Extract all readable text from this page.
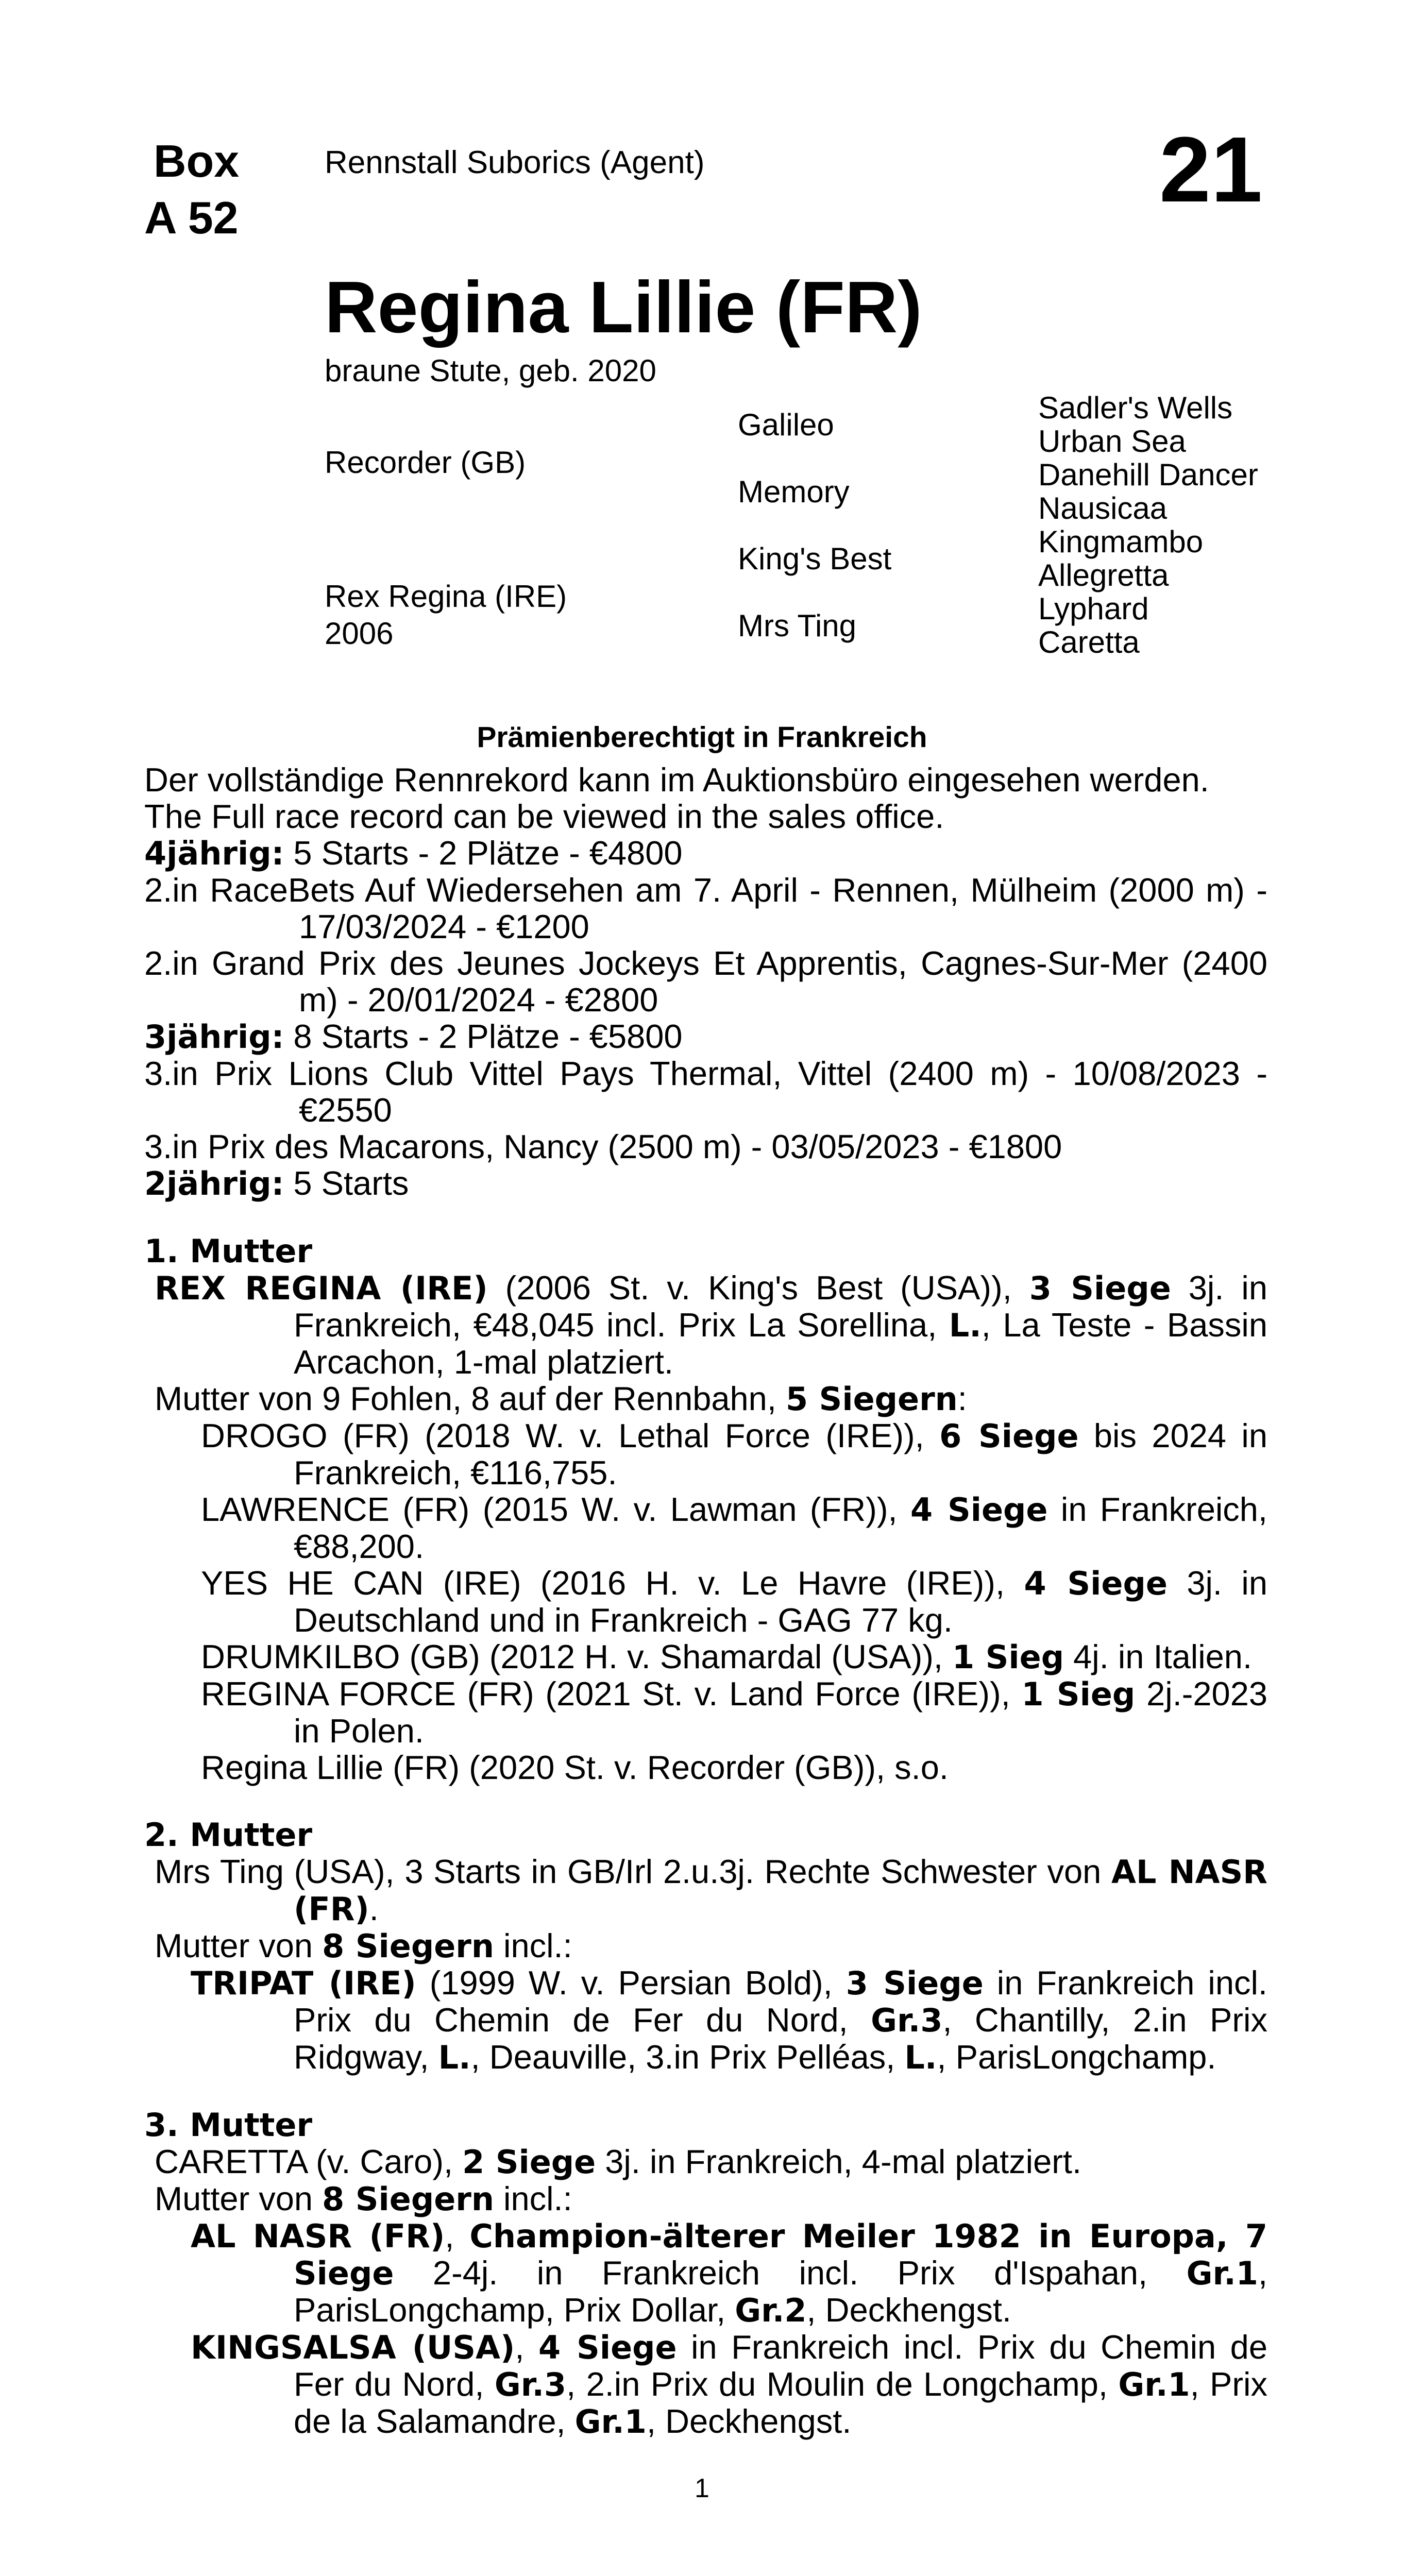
Box
A 52
Rennstall Suborics (Agent)	21
Regina Lillie (FR)
braune Stute, geb. 2020
Recorder (GB)
Rex Regina (IRE)
2006
Galileo
Memory
King's Best
Mrs Ting
Sadler's Wells
Urban Sea
Danehill Dancer
Nausicaa
Kingmambo
Allegretta
Lyphard
Caretta
Prämienberechtigt in Frankreich

Der vollständige Rennrekord kann im Auktionsbüro eingesehen werden.

The Full race record can be viewed in the sales office.

4jährig: 5 Starts - 2 Plätze - €4800

2.in RaceBets Auf Wiedersehen am 7. April - Rennen, Mülheim (2000 m) - 17/03/2024 - €1200

2.in Grand Prix des Jeunes Jockeys Et Apprentis, Cagnes-Sur-Mer (2400 m) - 20/01/2024 - €2800

3jährig: 8 Starts - 2 Plätze - €5800

3.in Prix Lions Club Vittel Pays Thermal, Vittel (2400 m) - 10/08/2023 - €2550

3.in Prix des Macarons, Nancy (2500 m) - 03/05/2023 - €1800

2jährig: 5 Starts

1. Mutter

REX REGINA (IRE) (2006 St. v. King's Best (USA)), 3 Siege 3j. in Frankreich, €48,045 incl. Prix La Sorellina, L., La Teste - Bassin Arcachon, 1-mal platziert.

Mutter von 9 Fohlen, 8 auf der Rennbahn, 5 Siegern:

DROGO (FR) (2018 W. v. Lethal Force (IRE)), 6 Siege bis 2024 in Frankreich, €116,755.

LAWRENCE (FR) (2015 W. v. Lawman (FR)), 4 Siege in Frankreich, €88,200.

YES HE CAN (IRE) (2016 H. v. Le Havre (IRE)), 4 Siege 3j. in Deutschland und in Frankreich - GAG 77 kg.

DRUMKILBO (GB) (2012 H. v. Shamardal (USA)), 1 Sieg 4j. in Italien.

REGINA FORCE (FR) (2021 St. v. Land Force (IRE)), 1 Sieg 2j.-2023 in Polen.

Regina Lillie (FR) (2020 St. v. Recorder (GB)), s.o.

2. Mutter

Mrs Ting (USA), 3 Starts in GB/Irl 2.u.3j. Rechte Schwester von AL NASR (FR).

Mutter von 8 Siegern incl.:

TRIPAT (IRE) (1999 W. v. Persian Bold), 3 Siege in Frankreich incl. Prix du Chemin de Fer du Nord, Gr.3, Chantilly, 2.in Prix Ridgway, L., Deauville, 3.in Prix Pelléas, L., ParisLongchamp.

3. Mutter

CARETTA (v. Caro), 2 Siege 3j. in Frankreich, 4-mal platziert.

Mutter von 8 Siegern incl.:

AL NASR (FR), Champion-älterer Meiler 1982 in Europa, 7 Siege 2-4j. in Frankreich incl. Prix d'Ispahan, Gr.1, ParisLongchamp, Prix Dollar, Gr.2, Deckhengst.

KINGSALSA (USA), 4 Siege in Frankreich incl. Prix du Chemin de Fer du Nord, Gr.3, 2.in Prix du Moulin de Longchamp, Gr.1, Prix de la Salamandre, Gr.1, Deckhengst.

1
